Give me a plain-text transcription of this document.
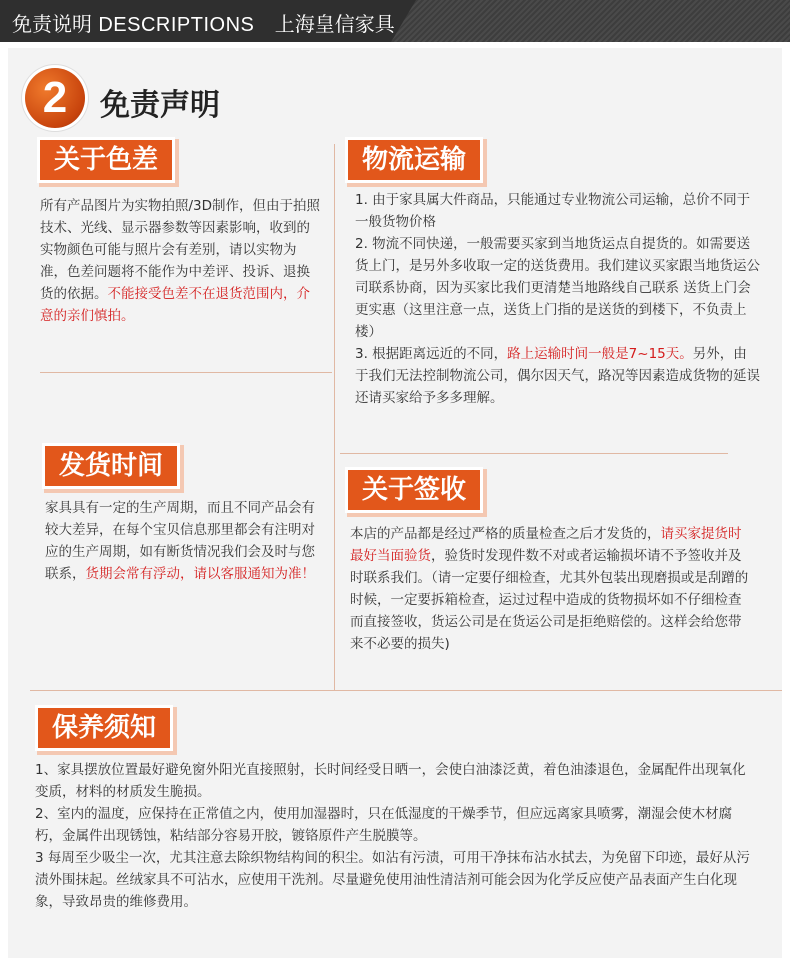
免责说明 DESCRIPTIONS 上海皇信家具
2	免责声明
关于色差
所有产品图片为实物拍照/3D制作，但由于拍照技术、光线、显示器参数等因素影响，收到的实物颜色可能与照片会有差别，请以实物为准，色差问题将不能作为中差评、投诉、退换货的依据。不能接受色差不在退货范围内，介意的亲们慎拍。
物流运输
1. 由于家具属大件商品，只能通过专业物流公司运输，总价不同于一般货物价格
2. 物流不同快递，一般需要买家到当地货运点自提货的。如需要送货上门，是另外多收取一定的送货费用。我们建议买家跟当地货运公司联系协商，因为买家比我们更清楚当地路线自己联系 送货上门会更实惠（这里注意一点，送货上门指的是送货的到楼下，不负责上楼）
3. 根据距离远近的不同，路上运输时间一般是7~15天。另外，由于我们无法控制物流公司，偶尔因天气，路况等因素造成货物的延误还请买家给予多多理解。
发货时间
家具具有一定的生产周期，而且不同产品会有较大差异，在每个宝贝信息那里都会有注明对应的生产周期，如有断货情况我们会及时与您联系，货期会常有浮动，请以客服通知为准！
关于签收
本店的产品都是经过严格的质量检查之后才发货的，请买家提货时最好当面验货，验货时发现件数不对或者运输损坏请不予签收并及时联系我们。（请一定要仔细检查，尤其外包装出现磨损或是刮蹭的时候，一定要拆箱检查，运过过程中造成的货物损坏如不仔细检查而直接签收，货运公司是在货运公司是拒绝赔偿的。这样会给您带来不必要的损失)
保养须知
1、家具摆放位置最好避免窗外阳光直接照射，长时间经受日晒一，会使白油漆泛黄，着色油漆退色，金属配件出现氧化变质，材料的材质发生脆损。
2、室内的温度，应保持在正常值之内，使用加湿器时，只在低湿度的干燥季节，但应远离家具喷雾，潮湿会使木材腐朽，金属件出现锈蚀，粘结部分容易开胶，镀铬原件产生脱膜等。
3 每周至少吸尘一次，尤其注意去除织物结构间的积尘。如沾有污渍，可用干净抹布沾水拭去，为免留下印迹，最好从污渍外围抹起。丝绒家具不可沾水，应使用干洗剂。尽量避免使用油性清洁剂可能会因为化学反应使产品表面产生白化现象，导致昂贵的维修费用。
